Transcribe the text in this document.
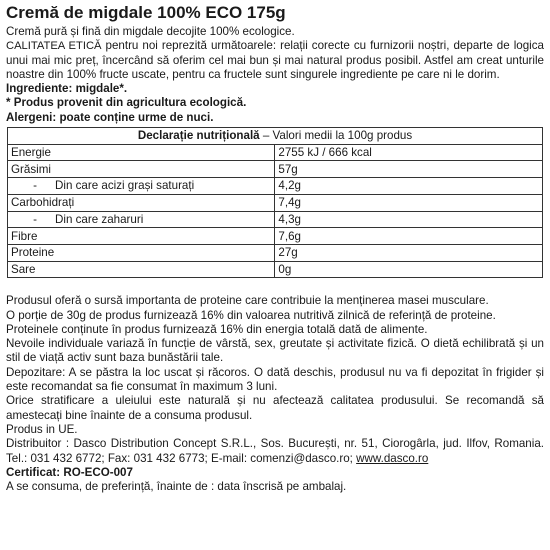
Cremă de migdale 100% ECO 175g

Cremă pură și fină din migdale decojite 100% ecologice.

CALITATEA ETICĂ pentru noi reprezită următoarele: relații corecte cu furnizorii noștri, departe de logica unui mai mic preț, încercând să oferim cel mai bun și mai natural produs posibil. Astfel am creat unturile noastre din 100% fructe uscate, pentru ca fructele sunt singurele ingrediente pe care ni le dorim.

Ingrediente: migdale*.

* Produs provenit din agricultura ecologică.

Alergeni: poate conține urme de nuci.

Declarație nutrițională – Valori medii la 100g produs	
Energie	2755 kJ / 666 kcal
Grăsimi	57g
- Din care acizi grași saturați	4,2g
Carbohidrați	7,4g
- Din care zaharuri	4,3g
Fibre	7,6g
Proteine	27g
Sare	0g

Produsul oferă o sursă importanta de proteine care contribuie la menținerea masei musculare.

O porție de 30g de produs furnizează 16% din valoarea nutritivă zilnică de referință de proteine.

Proteinele conținute în produs furnizează 16% din energia totală dată de alimente.

Nevoile individuale variază în funcție de vârstă, sex, greutate și activitate fizică. O dietă echilibrată și un stil de viață activ sunt baza bunăstării tale.

Depozitare: A se păstra la loc uscat și răcoros. O dată deschis, produsul nu va fi depozitat în frigider și este recomandat sa fie consumat în maximum 3 luni.

Orice stratificare a uleiului este naturală și nu afectează calitatea produsului. Se recomandă să amestecați bine înainte de a consuma produsul.

Produs in UE.

Distribuitor : Dasco Distribution Concept S.R.L., Sos. București, nr. 51, Ciorogârla, jud. Ilfov, Romania. Tel.: 031 432 6772; Fax: 031 432 6773; E-mail: comenzi@dasco.ro; www.dasco.ro

Certificat: RO-ECO-007

A se consuma, de preferință, înainte de : data înscrisă pe ambalaj.
